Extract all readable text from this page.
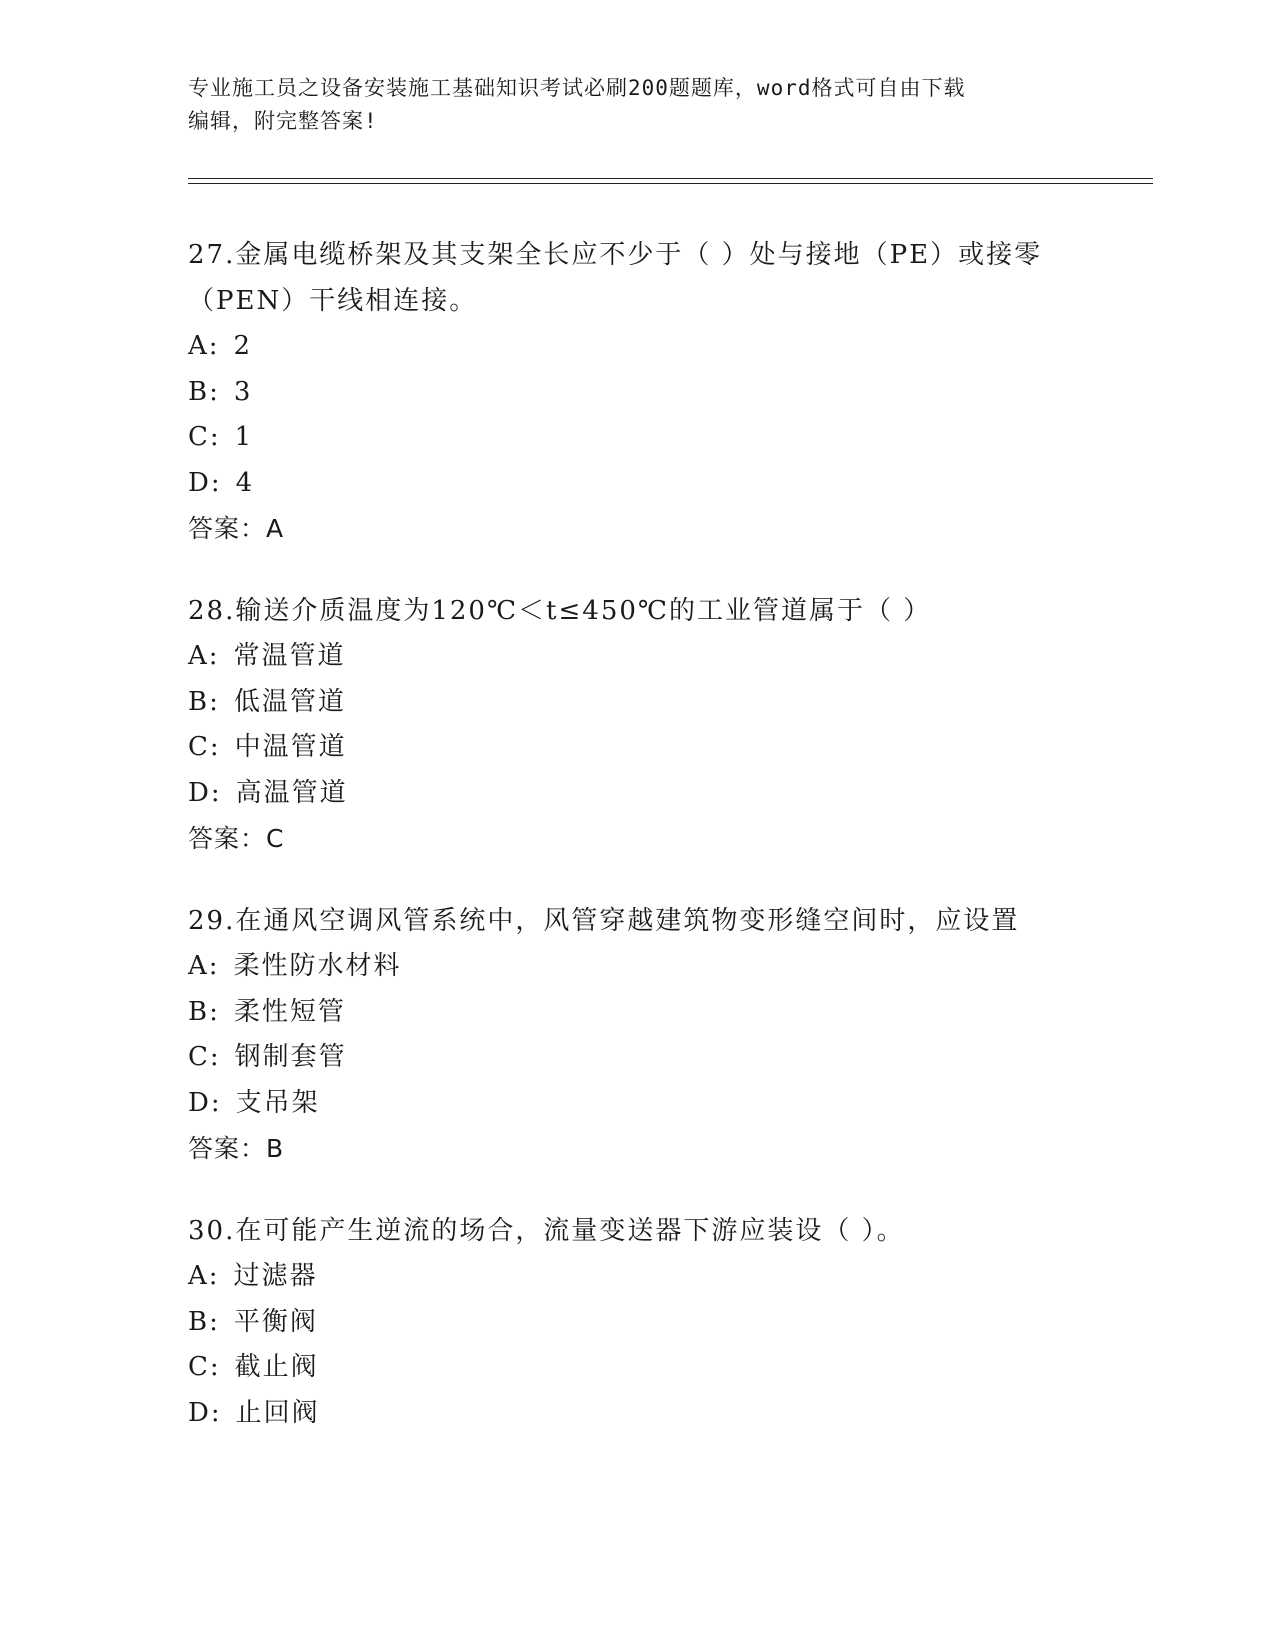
专业施工员之设备安装施工基础知识考试必刷200题题库，word格式可自由下载
编辑，附完整答案!
27.金属电缆桥架及其支架全长应不少于（ ）处与接地（PE）或接零
（PEN）干线相连接。
A: 2
B: 3
C: 1
D: 4
答案：A
28.输送介质温度为120℃＜t≤450℃的工业管道属于（ ）
A: 常温管道
B: 低温管道
C: 中温管道
D: 高温管道
答案：C
29.在通风空调风管系统中，风管穿越建筑物变形缝空间时，应设置
A: 柔性防水材料
B: 柔性短管
C: 钢制套管
D: 支吊架
答案：B
30.在可能产生逆流的场合，流量变送器下游应装设（ ）。
A: 过滤器
B: 平衡阀
C: 截止阀
D: 止回阀
